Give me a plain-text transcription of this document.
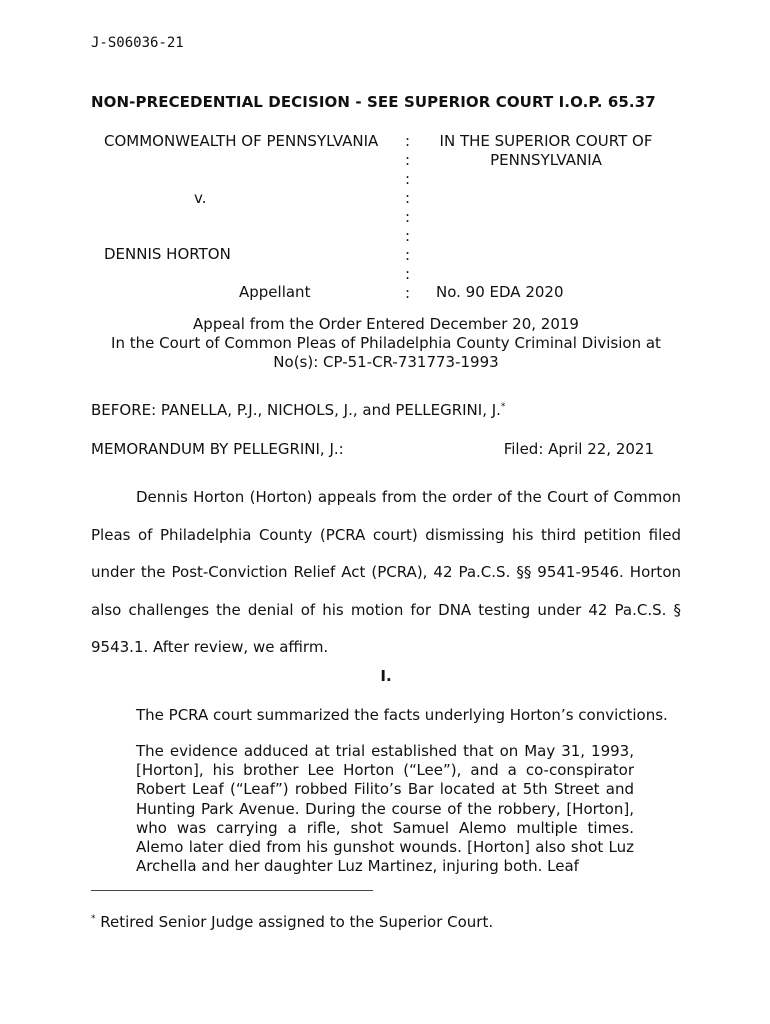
J-S06036-21
NON-PRECEDENTIAL DECISION - SEE SUPERIOR COURT I.O.P. 65.37
COMMONWEALTH OF PENNSYLVANIA
v.
DENNIS HORTON
Appellant
:
:
:
:
:
:
:
:
:
IN THE SUPERIOR COURT OF PENNSYLVANIA
No. 90 EDA 2020
Appeal from the Order Entered December 20, 2019
In the Court of Common Pleas of Philadelphia County Criminal Division at
No(s): CP-51-CR-731773-1993
BEFORE: PANELLA, P.J., NICHOLS, J., and PELLEGRINI, J.*
MEMORANDUM BY PELLEGRINI, J.:	Filed: April 22, 2021
Dennis Horton (Horton) appeals from the order of the Court of Common Pleas of Philadelphia County (PCRA court) dismissing his third petition filed under the Post-Conviction Relief Act (PCRA), 42 Pa.C.S. §§ 9541-9546. Horton also challenges the denial of his motion for DNA testing under 42 Pa.C.S. § 9543.1. After review, we affirm.
I.
The PCRA court summarized the facts underlying Horton’s convictions.
The evidence adduced at trial established that on May 31, 1993, [Horton], his brother Lee Horton (“Lee”), and a co-conspirator Robert Leaf (“Leaf”) robbed Filito’s Bar located at 5th Street and Hunting Park Avenue. During the course of the robbery, [Horton], who was carrying a rifle, shot Samuel Alemo multiple times. Alemo later died from his gunshot wounds. [Horton] also shot Luz Archella and her daughter Luz Martinez, injuring both. Leaf
* Retired Senior Judge assigned to the Superior Court.
